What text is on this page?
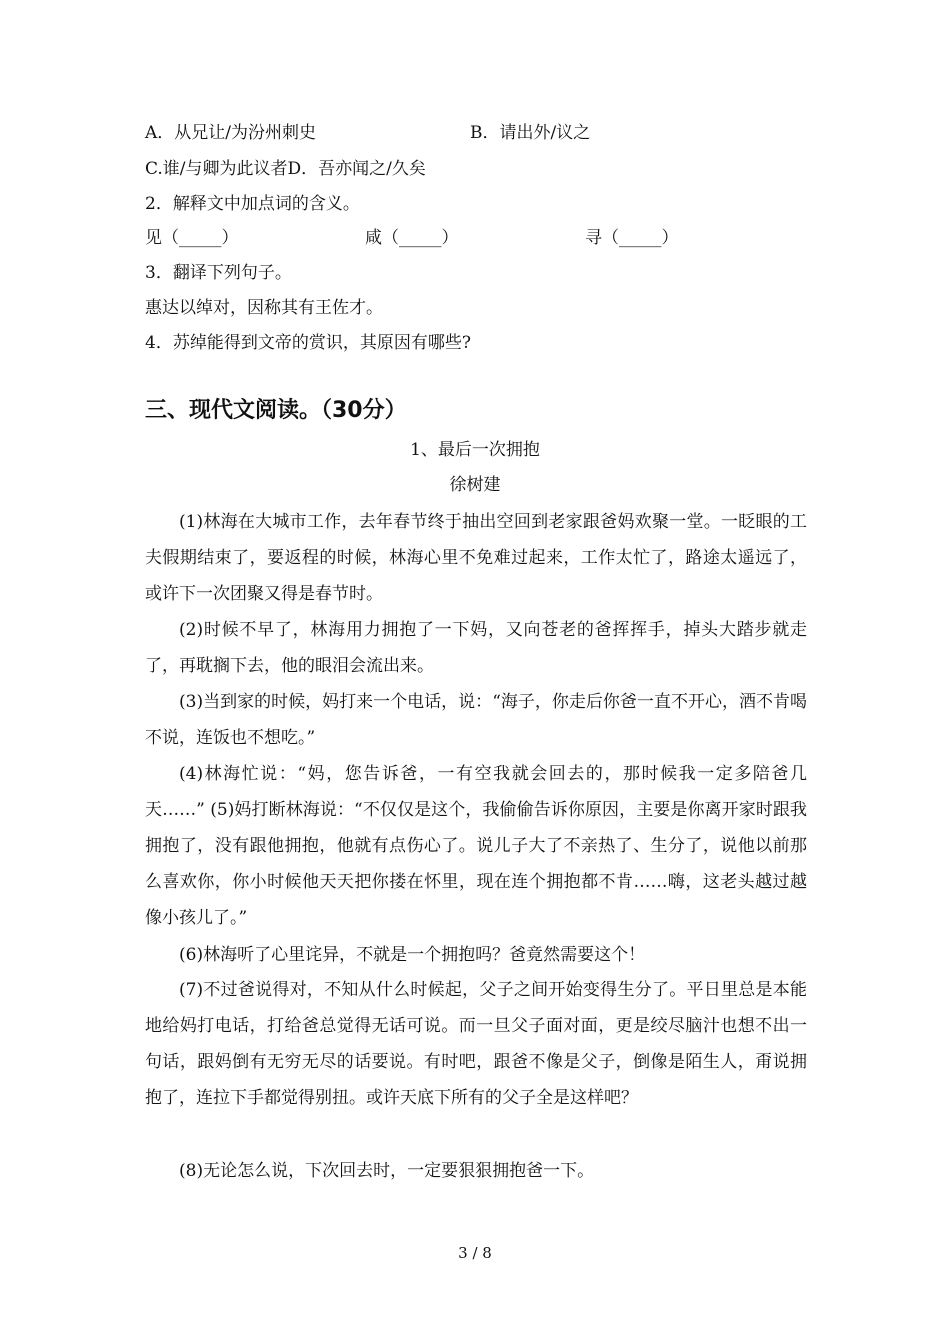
A．从兄让/为汾州刺史	B．请出外/议之
C.谁/与卿为此议者D．吾亦闻之/久矣
2．解释文中加点词的含义。
见（_____）	咸（_____）	寻（_____）
3．翻译下列句子。
惠达以绰对，因称其有王佐才。
4．苏绰能得到文帝的赏识，其原因有哪些?
三、现代文阅读。（30分）
1、最后一次拥抱
徐树建
(1)林海在大城市工作，去年春节终于抽出空回到老家跟爸妈欢聚一堂。一眨眼的工夫假期结束了，要返程的时候，林海心里不免难过起来，工作太忙了，路途太遥远了，或许下一次团聚又得是春节时。
(2)时候不早了，林海用力拥抱了一下妈，又向苍老的爸挥挥手，掉头大踏步就走了，再耽搁下去，他的眼泪会流出来。
(3)当到家的时候，妈打来一个电话，说：“海子，你走后你爸一直不开心，酒不肯喝不说，连饭也不想吃。”
(4)林海忙说：“妈，您告诉爸，一有空我就会回去的，那时候我一定多陪爸几天……” (5)妈打断林海说：“不仅仅是这个，我偷偷告诉你原因，主要是你离开家时跟我拥抱了，没有跟他拥抱，他就有点伤心了。说儿子大了不亲热了、生分了，说他以前那么喜欢你，你小时候他天天把你搂在怀里，现在连个拥抱都不肯……嗨，这老头越过越像小孩儿了。”
(6)林海听了心里诧异，不就是一个拥抱吗？爸竟然需要这个！
(7)不过爸说得对，不知从什么时候起，父子之间开始变得生分了。平日里总是本能地给妈打电话，打给爸总觉得无话可说。而一旦父子面对面，更是绞尽脑汁也想不出一句话，跟妈倒有无穷无尽的话要说。有时吧，跟爸不像是父子，倒像是陌生人，甭说拥抱了，连拉下手都觉得别扭。或许天底下所有的父子全是这样吧？
(8)无论怎么说，下次回去时，一定要狠狠拥抱爸一下。
3 / 8
